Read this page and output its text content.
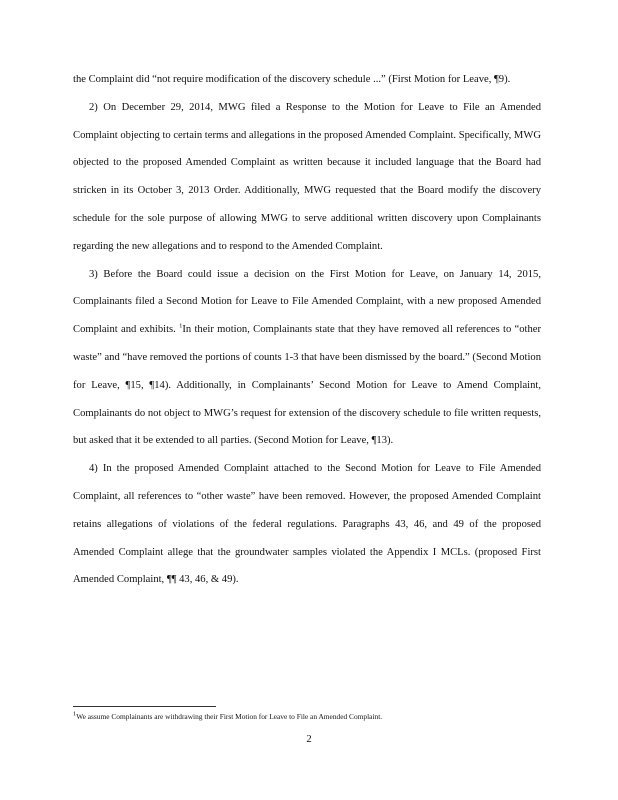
the Complaint did “not require modification of the discovery schedule ...” (First Motion for Leave, ¶9).

2) On December 29, 2014, MWG filed a Response to the Motion for Leave to File an Amended Complaint objecting to certain terms and allegations in the proposed Amended Complaint. Specifically, MWG objected to the proposed Amended Complaint as written because it included language that the Board had stricken in its October 3, 2013 Order. Additionally, MWG requested that the Board modify the discovery schedule for the sole purpose of allowing MWG to serve additional written discovery upon Complainants regarding the new allegations and to respond to the Amended Complaint.

3) Before the Board could issue a decision on the First Motion for Leave, on January 14, 2015, Complainants filed a Second Motion for Leave to File Amended Complaint, with a new proposed Amended Complaint and exhibits. $^1$In their motion, Complainants state that they have removed all references to “other waste” and “have removed the portions of counts 1-3 that have been dismissed by the board.” (Second Motion for Leave, ¶15, ¶14). Additionally, in Complainants’ Second Motion for Leave to Amend Complaint, Complainants do not object to MWG’s request for extension of the discovery schedule to file written requests, but asked that it be extended to all parties. (Second Motion for Leave, ¶13).

4) In the proposed Amended Complaint attached to the Second Motion for Leave to File Amended Complaint, all references to “other waste” have been removed. However, the proposed Amended Complaint retains allegations of violations of the federal regulations. Paragraphs 43, 46, and 49 of the proposed Amended Complaint allege that the groundwater samples violated the Appendix I MCLs. (proposed First Amended Complaint, ¶¶ 43, 46, & 49).

$^1$We assume Complainants are withdrawing their First Motion for Leave to File an Amended Complaint.
2
